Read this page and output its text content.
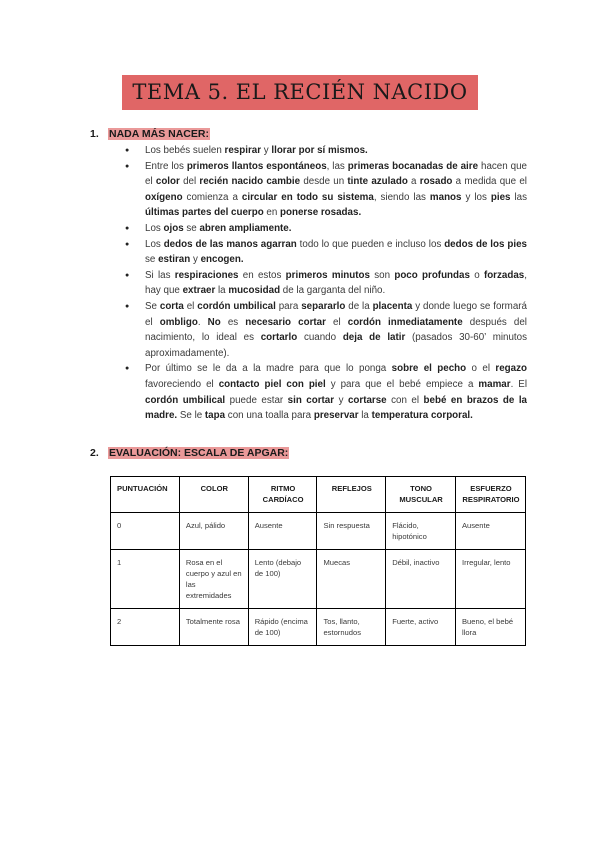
TEMA 5. EL RECIÉN NACIDO
1. NADA MÁS NACER:
● Los bebés suelen respirar y llorar por sí mismos.
● Entre los primeros llantos espontáneos, las primeras bocanadas de aire hacen que el color del recién nacido cambie desde un tinte azulado a rosado a medida que el oxígeno comienza a circular en todo su sistema, siendo las manos y los pies las últimas partes del cuerpo en ponerse rosadas.
● Los ojos se abren ampliamente.
● Los dedos de las manos agarran todo lo que pueden e incluso los dedos de los pies se estiran y encogen.
● Si las respiraciones en estos primeros minutos son poco profundas o forzadas, hay que extraer la mucosidad de la garganta del niño.
● Se corta el cordón umbilical para separarlo de la placenta y donde luego se formará el ombligo. No es necesario cortar el cordón inmediatamente después del nacimiento, lo ideal es cortarlo cuando deja de latir (pasados 30-60’ minutos aproximadamente).
● Por último se le da a la madre para que lo ponga sobre el pecho o el regazo favoreciendo el contacto piel con piel y para que el bebé empiece a mamar. El cordón umbilical puede estar sin cortar y cortarse con el bebé en brazos de la madre. Se le tapa con una toalla para preservar la temperatura corporal.
2. EVALUACIÓN: ESCALA DE APGAR:
PUNTUACIÓN	COLOR	RITMO CARDÍACO	REFLEJOS	TONO MUSCULAR	ESFUERZO RESPIRATORIO
0	Azul, pálido	Ausente	Sin respuesta	Flácido, hipotónico	Ausente
1	Rosa en el cuerpo y azul en las extremidades	Lento (debajo de 100)	Muecas	Débil, inactivo	Irregular, lento
2	Totalmente rosa	Rápido (encima de 100)	Tos, llanto, estornudos	Fuerte, activo	Bueno, el bebé llora
